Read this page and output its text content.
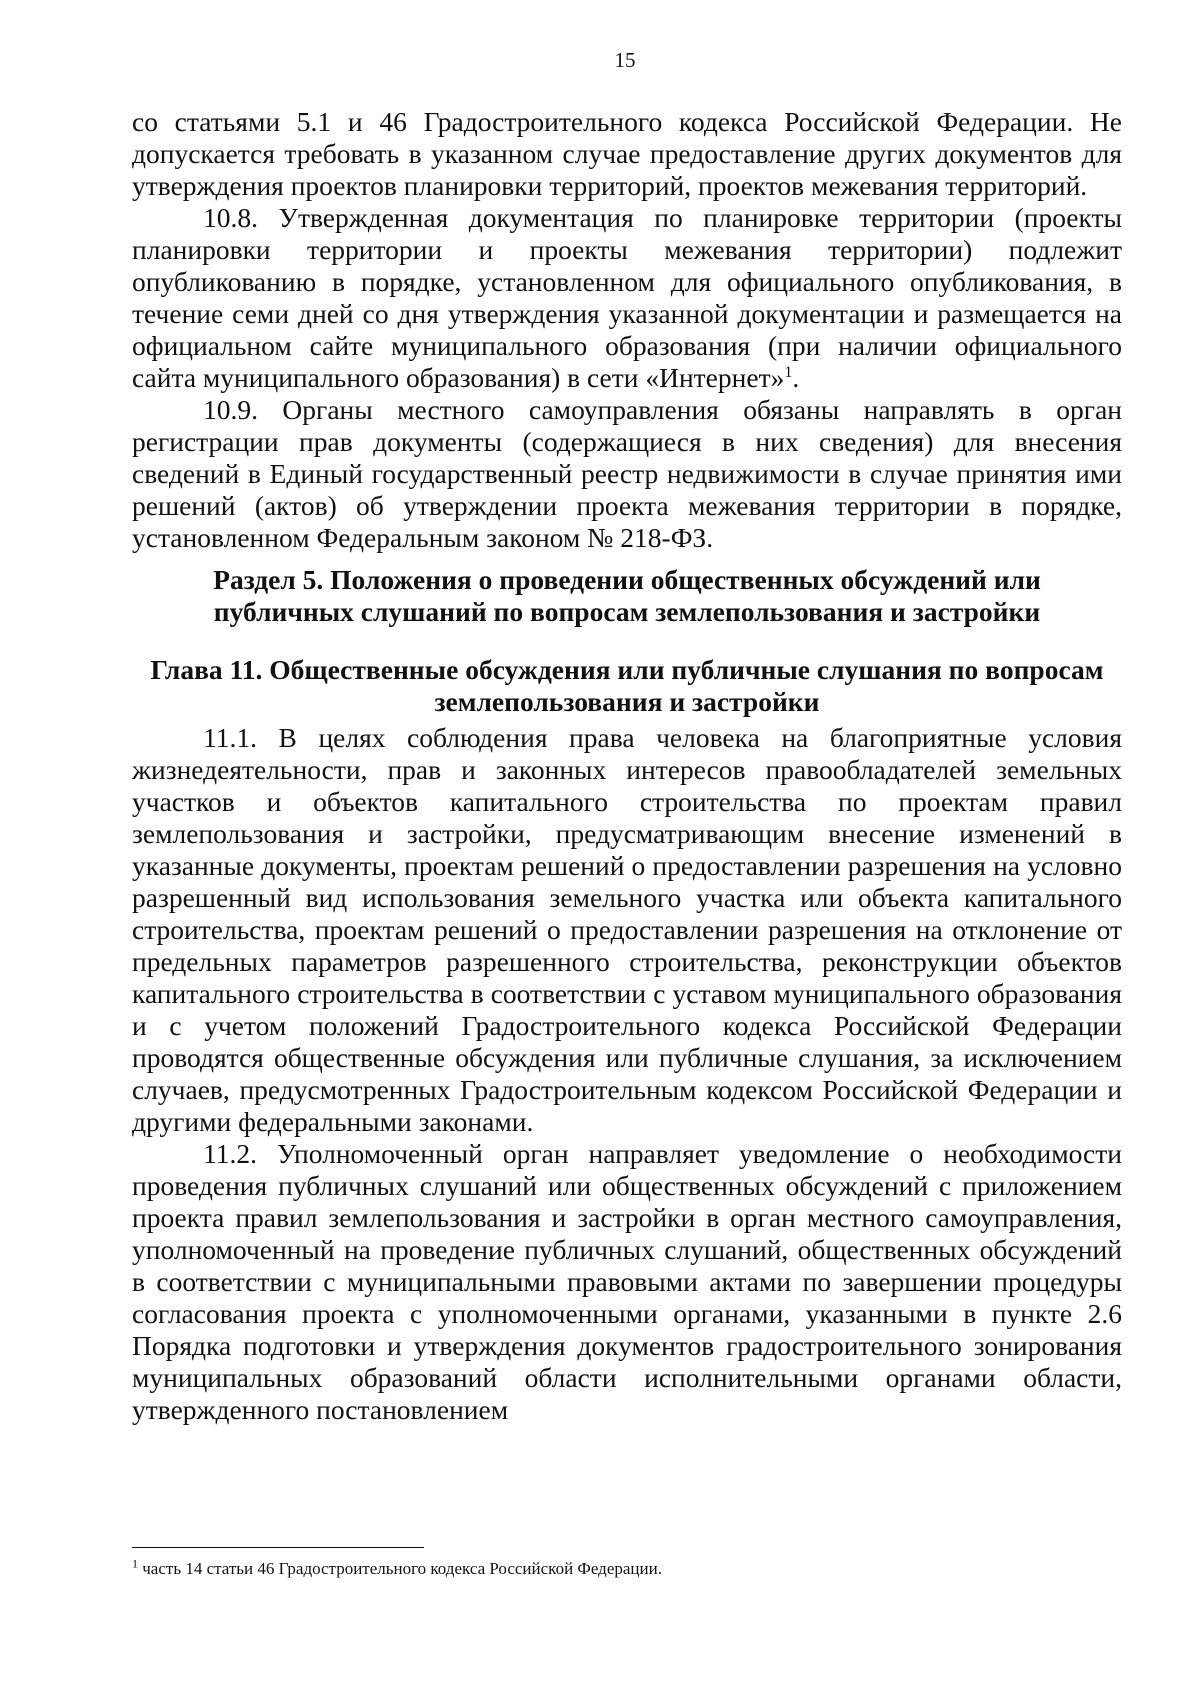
15

со статьями 5.1 и 46 Градостроительного кодекса Российской Федерации. Не допускается требовать в указанном случае предоставление других документов для утверждения проектов планировки территорий, проектов межевания территорий.

10.8. Утвержденная документация по планировке территории (проекты планировки территории и проекты межевания территории) подлежит опубликованию в порядке, установленном для официального опубликования, в течение семи дней со дня утверждения указанной документации и размещается на официальном сайте муниципального образования (при наличии официального сайта муниципального образования) в сети «Интернет»$^1$.

10.9. Органы местного самоуправления обязаны направлять в орган регистрации прав документы (содержащиеся в них сведения) для внесения сведений в Единый государственный реестр недвижимости в случае принятия ими решений (актов) об утверждении проекта межевания территории в порядке, установленном Федеральным законом № 218-ФЗ.

Раздел 5. Положения о проведении общественных обсуждений или
публичных слушаний по вопросам землепользования и застройки
Глава 11. Общественные обсуждения или публичные слушания по вопросам
землепользования и застройки

11.1. В целях соблюдения права человека на благоприятные условия жизнедеятельности, прав и законных интересов правообладателей земельных участков и объектов капитального строительства по проектам правил землепользования и застройки, предусматривающим внесение изменений в указанные документы, проектам решений о предоставлении разрешения на условно разрешенный вид использования земельного участка или объекта капитального строительства, проектам решений о предоставлении разрешения на отклонение от предельных параметров разрешенного строительства, реконструкции объектов капитального строительства в соответствии с уставом муниципального образования и с учетом положений Градостроительного кодекса Российской Федерации проводятся общественные обсуждения или публичные слушания, за исключением случаев, предусмотренных Градостроительным кодексом Российской Федерации и другими федеральными законами.

11.2. Уполномоченный орган направляет уведомление о необходимости проведения публичных слушаний или общественных обсуждений с приложением проекта правил землепользования и застройки в орган местного самоуправления, уполномоченный на проведение публичных слушаний, общественных обсуждений в соответствии с муниципальными правовыми актами по завершении процедуры согласования проекта с уполномоченными органами, указанными в пункте 2.6 Порядка подготовки и утверждения документов градостроительного зонирования муниципальных образований области исполнительными органами области, утвержденного постановлением

$^1$ часть 14 статьи 46 Градостроительного кодекса Российской Федерации.
